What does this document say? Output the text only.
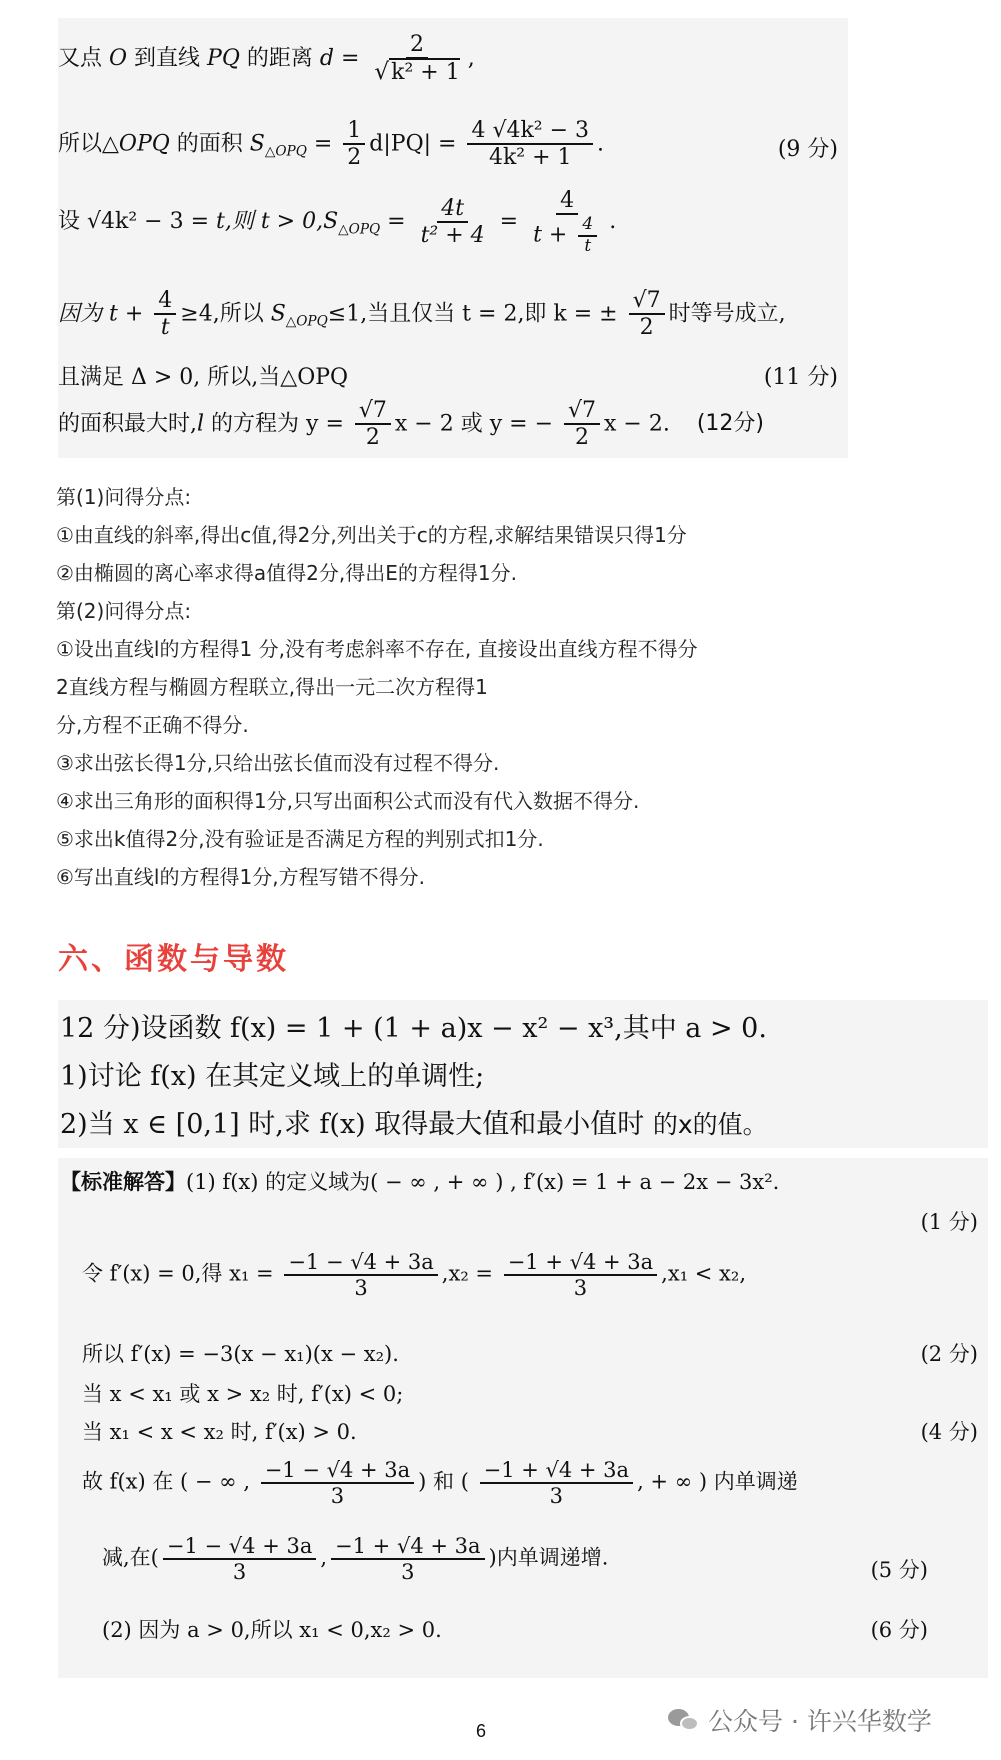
又点 O 到直线 PQ 的距离 $d = \frac{2}{\text{√k² + 1}}$ ,
所以△OPQ 的面积 $S_{\triangle OPQ} = \frac{1}{2} d|PQ| = \frac{\text{4 √4k² − 3}}{\text{4k² + 1}}$ .	(9 分)
设 √4k² − 3 = t,则 $t > 0,S_{\triangle OPQ} = \frac{4t}{\text{t² + 4}} = \frac{4}{t + \frac{4}{t}}$ .
因为 $t + \frac{4}{t} \ge 4$,所以 $S_{\triangle OPQ}\le 1$,当且仅当 t = 2,即 k = ± $\frac{√7}{2}$ 时等号成立,
且满足 Δ > 0, 所以,当△OPQ	(11 分)
的面积最大时,l 的方程为 $y = \frac{√7}{2}$ x − 2 或 y = − $\frac{√7}{2}$ x − 2. (12分)
第(1)问得分点:
①由直线的斜率,得出c值,得2分,列出关于c的方程,求解结果错误只得1分
②由椭圆的离心率求得a值得2分,得出E的方程得1分.
第(2)问得分点:
①设出直线l的方程得1 分,没有考虑斜率不存在, 直接设出直线方程不得分
2直线方程与椭圆方程联立,得出一元二次方程得1
分,方程不正确不得分.
③求出弦长得1分,只给出弦长值而没有过程不得分.
④求出三角形的面积得1分,只写出面积公式而没有代入数据不得分.
⑤求出k值得2分,没有验证是否满足方程的判别式扣1分.
⑥写出直线l的方程得1分,方程写错不得分.
六、函数与导数
12 分)设函数 f(x) = 1 + (1 + a)x − x² − x³,其中 a > 0.
1)讨论 f(x) 在其定义域上的单调性;
2)当 x ∈ [0,1] 时,求 f(x) 取得最大值和最小值时 的x的值。
【标准解答】(1) f(x) 的定义域为( − ∞ , + ∞ ) , f′(x) = 1 + a − 2x − 3x².
(1 分)
令 f′(x) = 0,得 $x_1 = \frac{-1 - √4 + 3a}{3} ,x_2 = \frac{-1 + √4 + 3a}{3} ,x_1 < x_2$,
所以 f′(x) = −3(x − x₁)(x − x₂).	(2 分)
当 x < x₁ 或 x > x₂ 时, f′(x) < 0;
当 x₁ < x < x₂ 时, f′(x) > 0.	(4 分)
故 f(x) 在 ( − ∞ , $\frac{-1 - √4 + 3a}{3}$ ) 和 ( $\frac{-1 + √4 + 3a}{3}$ , + ∞ ) 内单调递
减,在( $\frac{-1 - √4 + 3a}{3}$ , $\frac{-1 + √4 + 3a}{3}$ )内单调递增.
(5 分)
(2) 因为 a > 0,所以 x₁ < 0,x₂ > 0.	(6 分)
公众号 · 许兴华数学
6
